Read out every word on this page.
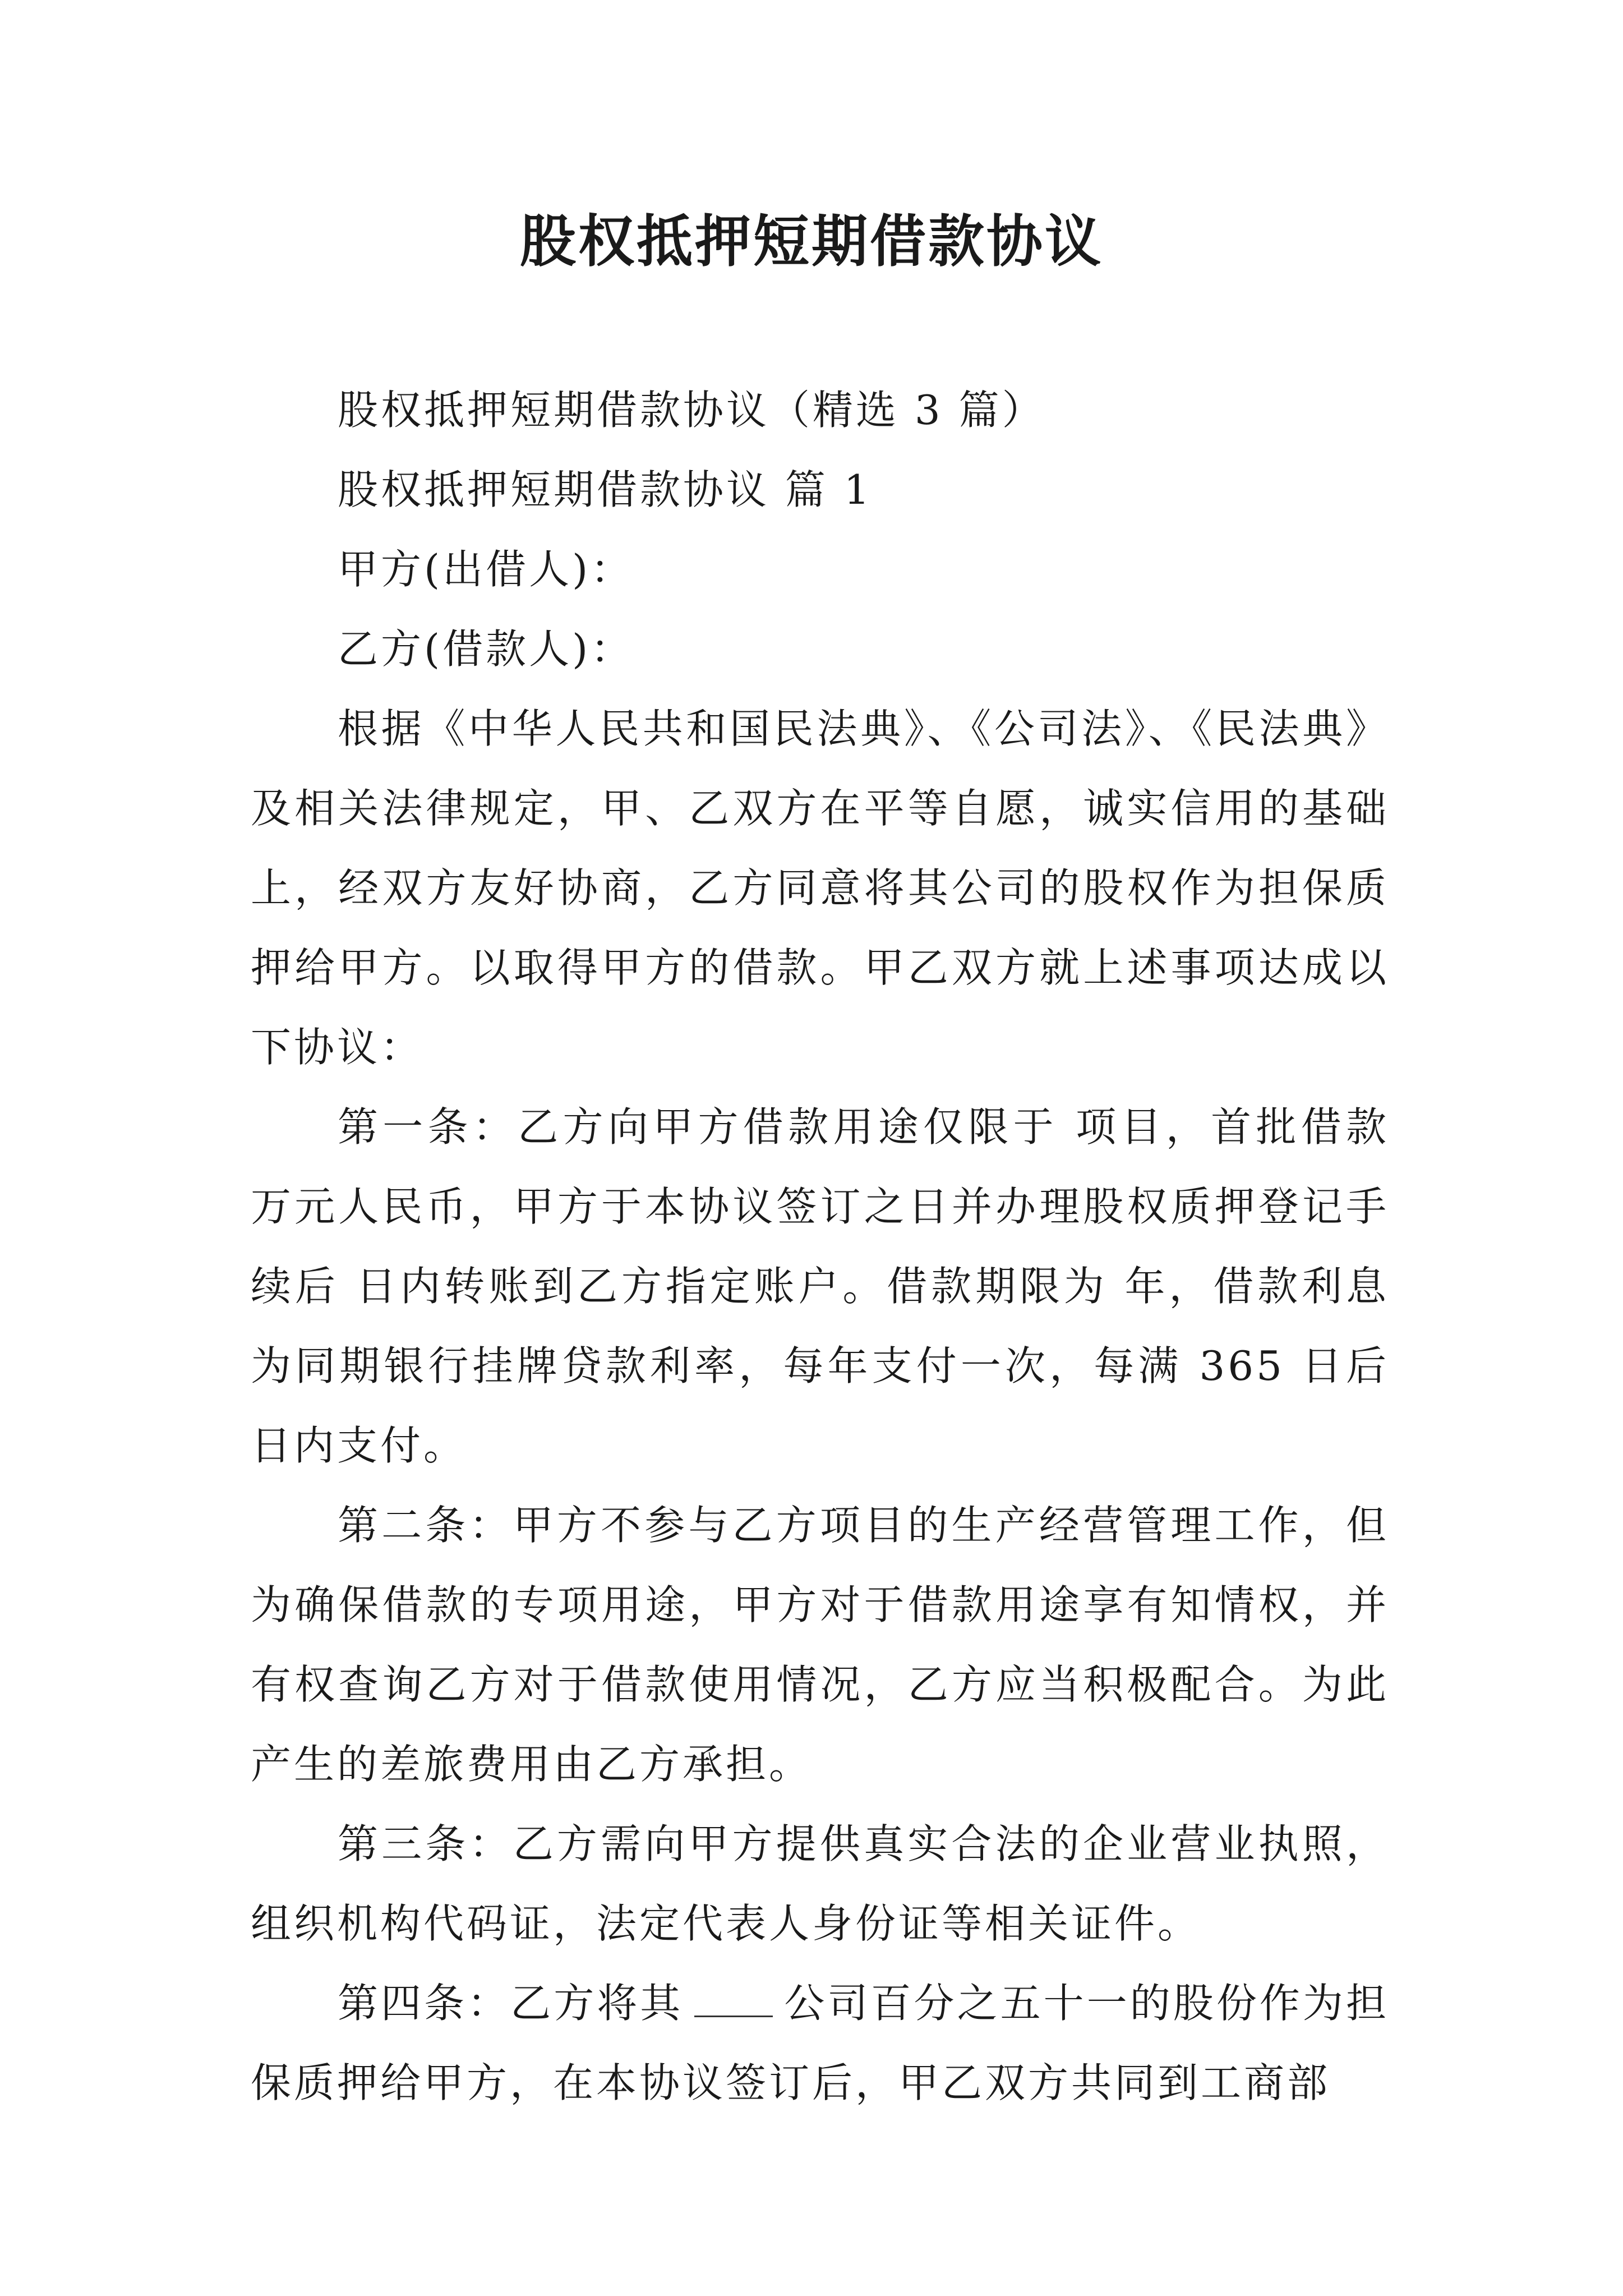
股权抵押短期借款协议

股权抵押短期借款协议（精选 3 篇）

股权抵押短期借款协议 篇 1

甲方(出借人)：

乙方(借款人)：

根据《中华人民共和国民法典》、《公司法》、《民法典》及相关法律规定，甲、乙双方在平等自愿，诚实信用的基础上，经双方友好协商，乙方同意将其公司的股权作为担保质押给甲方。以取得甲方的借款。甲乙双方就上述事项达成以下协议：

第一条：乙方向甲方借款用途仅限于 项目，首批借款万元人民币，甲方于本协议签订之日并办理股权质押登记手续后 日内转账到乙方指定账户。借款期限为 年，借款利息为同期银行挂牌贷款利率，每年支付一次，每满 365 日后日内支付。

第二条：甲方不参与乙方项目的生产经营管理工作，但为确保借款的专项用途，甲方对于借款用途享有知情权，并有权查询乙方对于借款使用情况，乙方应当积极配合。为此产生的差旅费用由乙方承担。

第三条：乙方需向甲方提供真实合法的企业营业执照，组织机构代码证，法定代表人身份证等相关证件。

第四条：乙方将其	公司百分之五十一的股份作为担保质押给甲方，在本协议签订后，甲乙双方共同到工商部
